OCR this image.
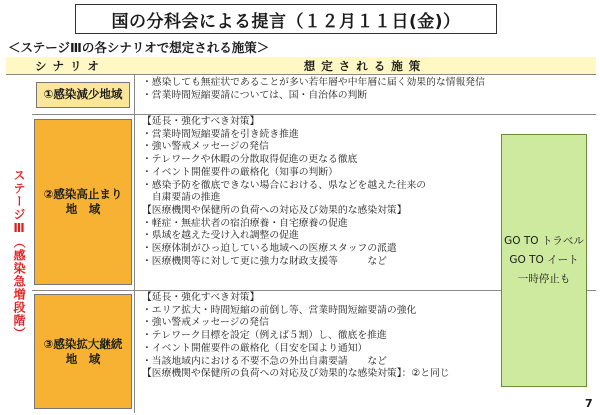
国の分科会による提言（１２月１１日(金)）
＜ステージⅢの各シナリオで想定される施策＞
シナリオ	想定される施策
ステージⅢ（感染急増段階）
①感染減少地域
・感染しても無症状であることが多い若年層や中年層に届く効果的な情報発信
・営業時間短縮要請については、国・自治体の判断
②感染高止まり
地　域
【延長・強化すべき対策】
・営業時間短縮要請を引き続き推進
・強い警戒メッセージの発信
・テレワークや休暇の分散取得促進の更なる徹底
・イベント開催要件の厳格化（知事の判断）
・感染予防を徹底できない場合における、県などを越えた往来の
　自粛要請の推進
【医療機関や保健所の負荷への対応及び効果的な感染対策】
・軽症・無症状者の宿泊療養・自宅療養の促進
・県域を越えた受け入れ調整の促進
・医療体制がひっ迫している地域への医療スタッフの派遣
・医療機関等に対して更に強力な財政支援等　　　など
③感染拡大継続
地　域
【延長・強化すべき対策】
・エリア拡大・時間短縮の前倒し等、営業時間短縮要請の強化
・強い警戒メッセージの発信
・テレワーク目標を設定（例えば５割）し、徹底を推進
・イベント開催要件の厳格化（目安を国より通知）
・当該地域内における不要不急の外出自粛要請　　など
【医療機関や保健所の負荷への対応及び効果的な感染対策】：②と同じ
GO TO トラベル
GO TO イート
一時停止も
7
